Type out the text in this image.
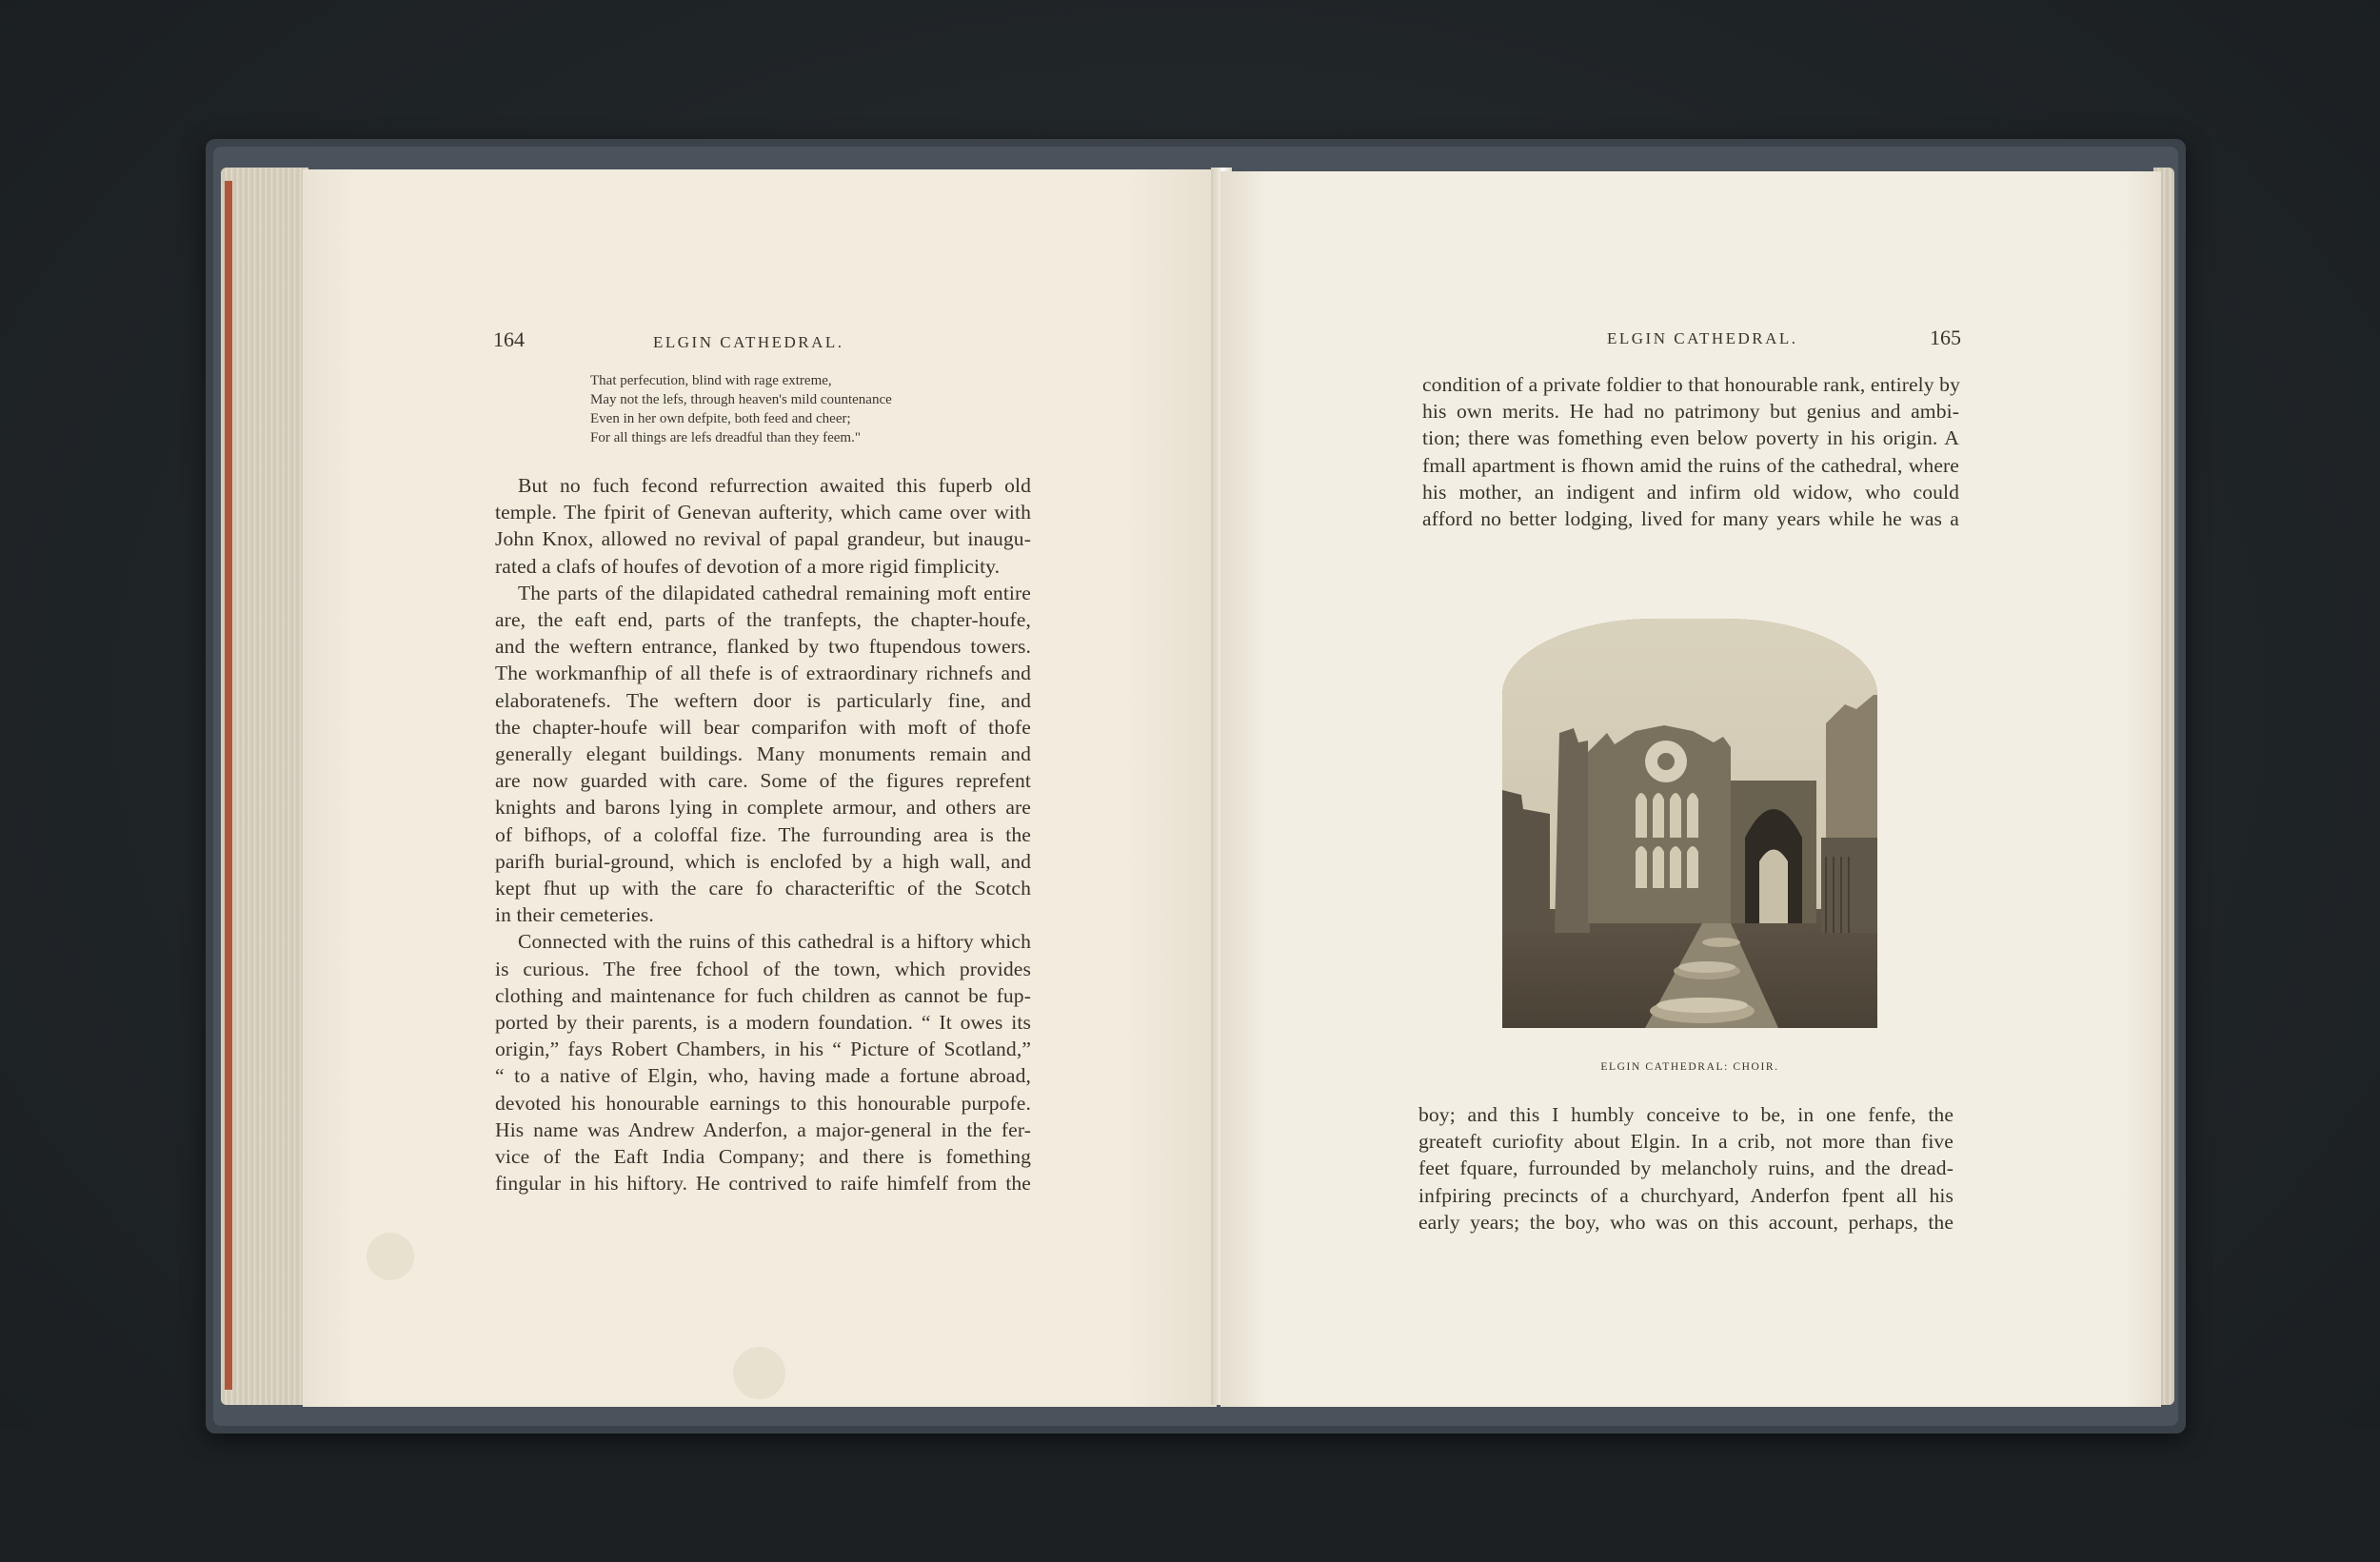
164	ELGIN CATHEDRAL.
That perfecution, blind with rage extreme,
May not the lefs, through heaven's mild countenance
Even in her own defpite, both feed and cheer;
For all things are lefs dreadful than they feem."
But no fuch fecond refurrection awaited this fuperb old
temple. The fpirit of Genevan aufterity, which came over with
John Knox, allowed no revival of papal grandeur, but inaugu-
rated a clafs of houfes of devotion of a more rigid fimplicity.
The parts of the dilapidated cathedral remaining moft entire
are, the eaft end, parts of the tranfepts, the chapter-houfe,
and the weftern entrance, flanked by two ftupendous towers.
The workmanfhip of all thefe is of extraordinary richnefs and
elaboratenefs. The weftern door is particularly fine, and
the chapter-houfe will bear comparifon with moft of thofe
generally elegant buildings. Many monuments remain and
are now guarded with care. Some of the figures reprefent
knights and barons lying in complete armour, and others are
of bifhops, of a coloffal fize. The furrounding area is the
parifh burial-ground, which is enclofed by a high wall, and
kept fhut up with the care fo characteriftic of the Scotch
in their cemeteries.
Connected with the ruins of this cathedral is a hiftory which
is curious. The free fchool of the town, which provides
clothing and maintenance for fuch children as cannot be fup-
ported by their parents, is a modern foundation. “ It owes its
origin,” fays Robert Chambers, in his “ Picture of Scotland,”
“ to a native of Elgin, who, having made a fortune abroad,
devoted his honourable earnings to this honourable purpofe.
His name was Andrew Anderfon, a major-general in the fer-
vice of the Eaft India Company; and there is fomething
fingular in his hiftory. He contrived to raife himfelf from the
ELGIN CATHEDRAL.	165
condition of a private foldier to that honourable rank, entirely by
his own merits. He had no patrimony but genius and ambi-
tion; there was fomething even below poverty in his origin. A
fmall apartment is fhown amid the ruins of the cathedral, where
his mother, an indigent and infirm old widow, who could
afford no better lodging, lived for many years while he was a
ELGIN CATHEDRAL: CHOIR.
boy; and this I humbly conceive to be, in one fenfe, the
greateft curiofity about Elgin. In a crib, not more than five
feet fquare, furrounded by melancholy ruins, and the dread-
infpiring precincts of a churchyard, Anderfon fpent all his
early years; the boy, who was on this account, perhaps, the
